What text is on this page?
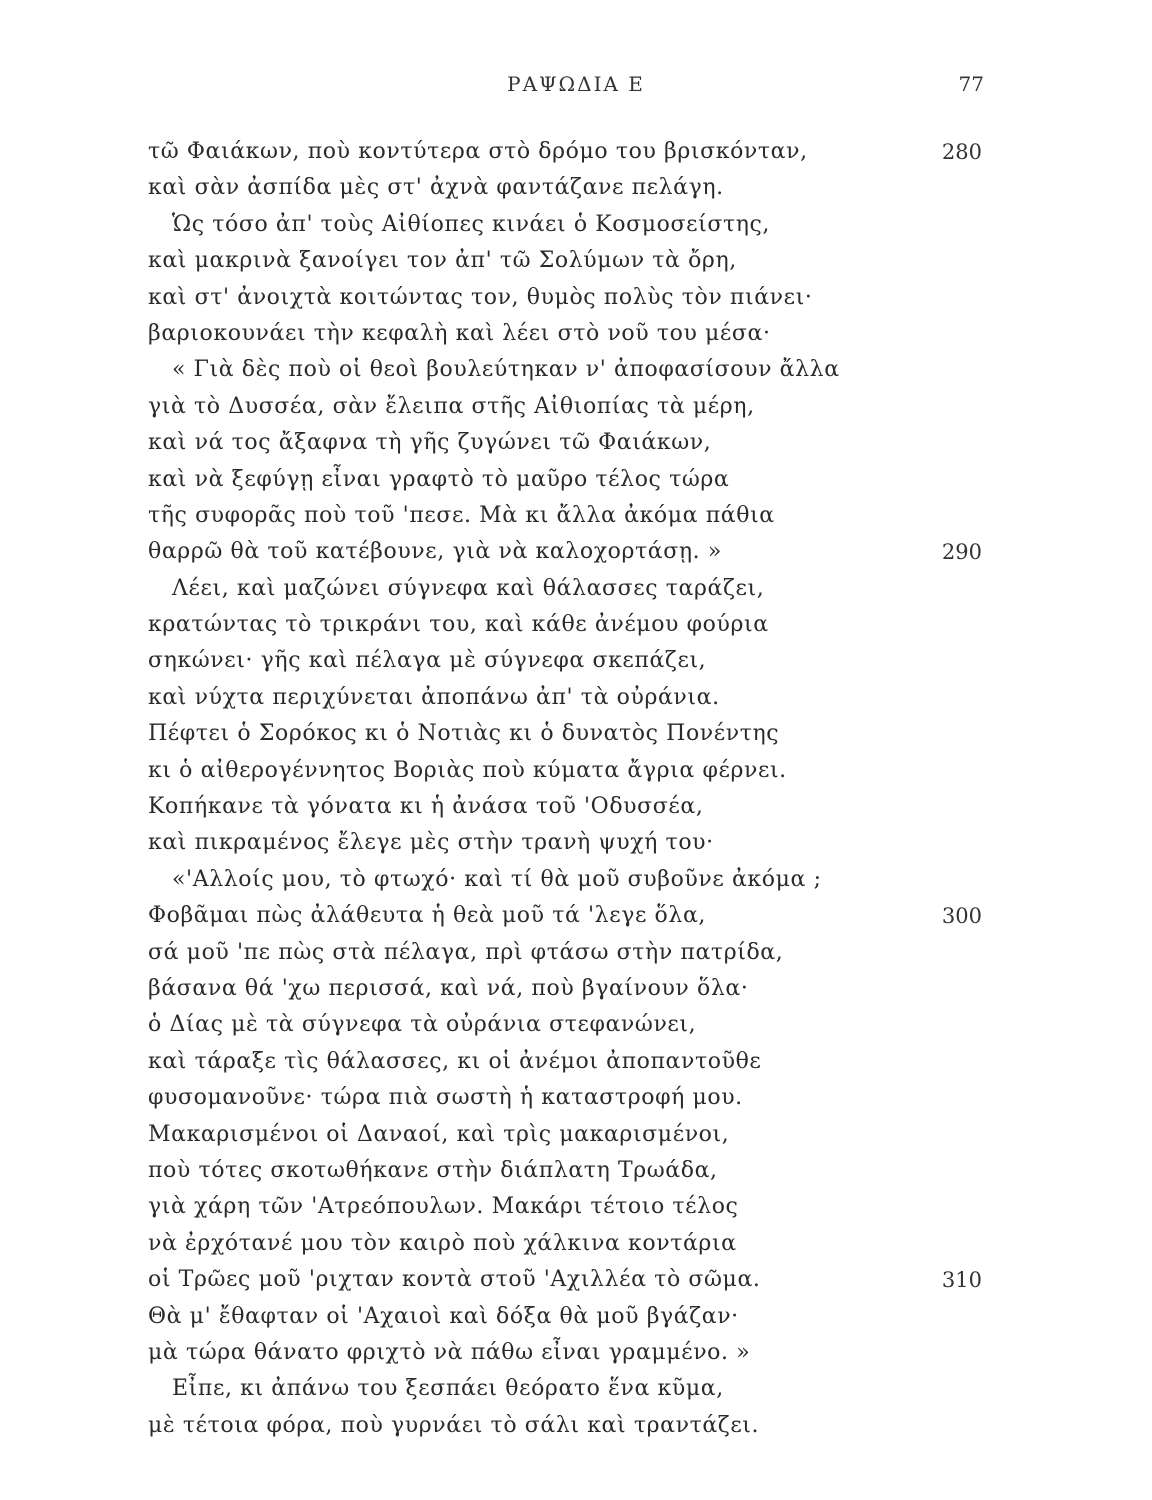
ΡΑΨΩΔΙΑ Ε	77
τῶ Φαιάκων, ποὺ κοντύτερα στὸ δρόμο του βρισκόνταν,	280
καὶ σὰν ἀσπίδα μὲς στ' ἀχνὰ φαντάζανε πελάγη.
Ὡς τόσο ἀπ' τοὺς Αἰθίοπες κινάει ὁ Κοσμοσείστης,
καὶ μακρινὰ ξανοίγει τον ἀπ' τῶ Σολύμων τὰ ὄρη,
καὶ στ' ἀνοιχτὰ κοιτώντας τον, θυμὸς πολὺς τὸν πιάνει·
βαριοκουνάει τὴν κεφαλὴ καὶ λέει στὸ νοῦ του μέσα·
« Γιὰ δὲς ποὺ οἱ θεοὶ βουλεύτηκαν ν' ἀποφασίσουν ἄλλα
γιὰ τὸ Δυσσέα, σὰν ἔλειπα στῆς Αἰθιοπίας τὰ μέρη,
καὶ νά τος ἄξαφνα τὴ γῆς ζυγώνει τῶ Φαιάκων,
καὶ νὰ ξεφύγῃ εἶναι γραφτὸ τὸ μαῦρο τέλος τώρα
τῆς συφορᾶς ποὺ τοῦ 'πεσε. Μὰ κι ἄλλα ἀκόμα πάθια
θαρρῶ θὰ τοῦ κατέβουνε, γιὰ νὰ καλοχορτάσῃ. »	290
Λέει, καὶ μαζώνει σύγνεφα καὶ θάλασσες ταράζει,
κρατώντας τὸ τρικράνι του, καὶ κάθε ἀνέμου φούρια
σηκώνει· γῆς καὶ πέλαγα μὲ σύγνεφα σκεπάζει,
καὶ νύχτα περιχύνεται ἀποπάνω ἀπ' τὰ οὐράνια.
Πέφτει ὁ Σορόκος κι ὁ Νοτιὰς κι ὁ δυνατὸς Πονέντης
κι ὁ αἰθερογέννητος Βοριὰς ποὺ κύματα ἄγρια φέρνει.
Κοπήκανε τὰ γόνατα κι ἡ ἀνάσα τοῦ 'Οδυσσέα,
καὶ πικραμένος ἔλεγε μὲς στὴν τρανὴ ψυχή του·
«'Αλλοίς μου, τὸ φτωχό· καὶ τί θὰ μοῦ συβοῦνε ἀκόμα ;
Φοβᾶμαι πὼς ἀλάθευτα ἡ θεὰ μοῦ τά 'λεγε ὅλα,	300
σά μοῦ 'πε πὼς στὰ πέλαγα, πρὶ φτάσω στὴν πατρίδα,
βάσανα θά 'χω περισσά, καὶ νά, ποὺ βγαίνουν ὅλα·
ὁ Δίας μὲ τὰ σύγνεφα τὰ οὐράνια στεφανώνει,
καὶ τάραξε τὶς θάλασσες, κι οἱ ἀνέμοι ἀποπαντοῦθε
φυσομανοῦνε· τώρα πιὰ σωστὴ ἡ καταστροφή μου.
Μακαρισμένοι οἱ Δαναοί, καὶ τρὶς μακαρισμένοι,
ποὺ τότες σκοτωθήκανε στὴν διάπλατη Τρωάδα,
γιὰ χάρη τῶν 'Ατρεόπουλων. Μακάρι τέτοιο τέλος
νὰ ἐρχότανέ μου τὸν καιρὸ ποὺ χάλκινα κοντάρια
οἱ Τρῶες μοῦ 'ριχταν κοντὰ στοῦ 'Αχιλλέα τὸ σῶμα.	310
Θὰ μ' ἔθαφταν οἱ 'Αχαιοὶ καὶ δόξα θὰ μοῦ βγάζαν·
μὰ τώρα θάνατο φριχτὸ νὰ πάθω εἶναι γραμμένο. »
Εἶπε, κι ἀπάνω του ξεσπάει θεόρατο ἕνα κῦμα,
μὲ τέτοια φόρα, ποὺ γυρνάει τὸ σάλι καὶ τραντάζει.
